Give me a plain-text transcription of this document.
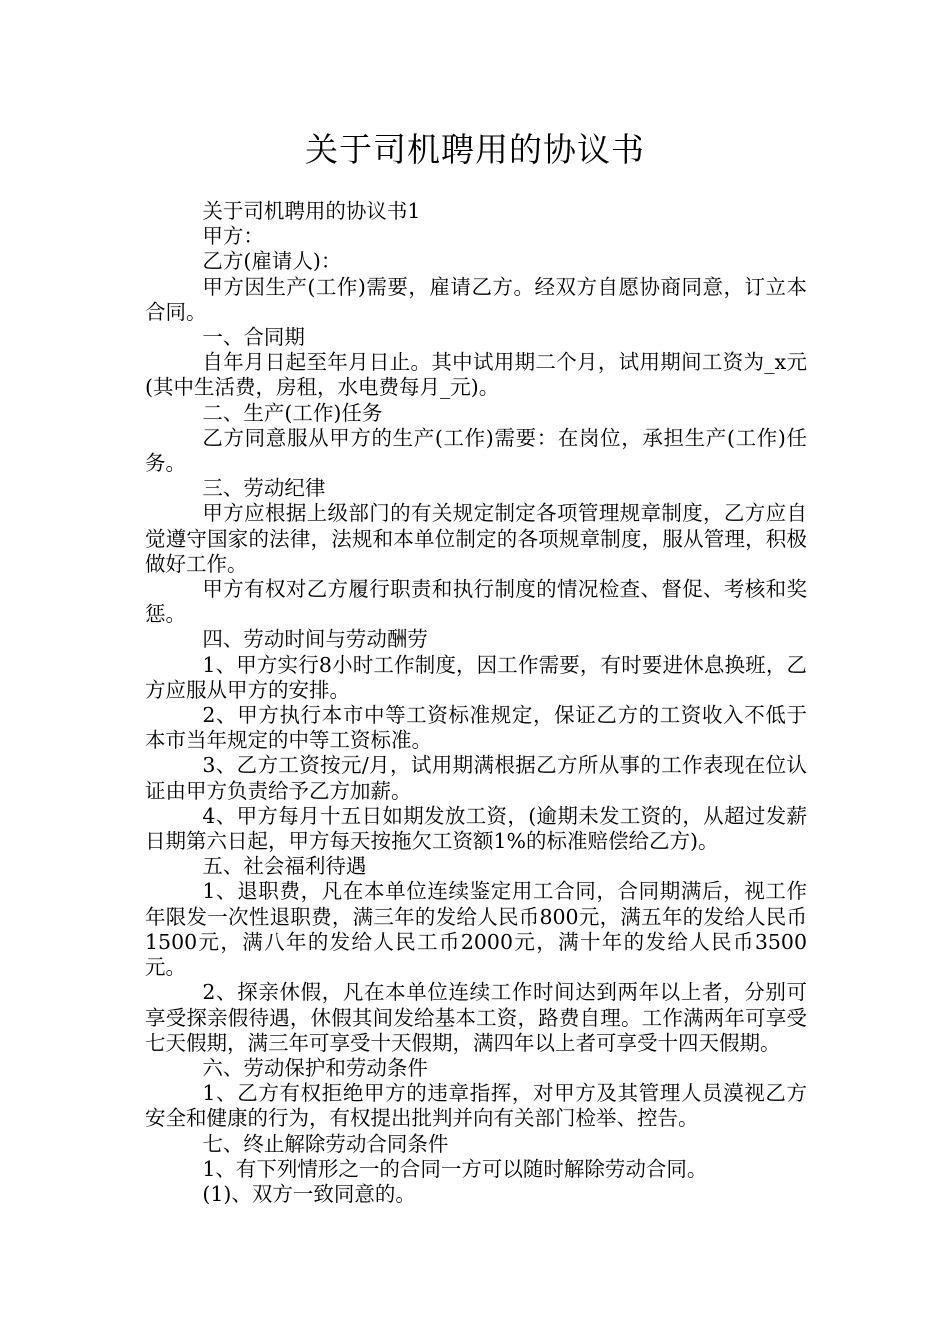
关于司机聘用的协议书

关于司机聘用的协议书1

甲方：

乙方(雇请人)：

甲方因生产(工作)需要，雇请乙方。经双方自愿协商同意，订立本合同。

一、合同期

自年月日起至年月日止。其中试用期二个月，试用期间工资为_x元(其中生活费，房租，水电费每月_元)。

二、生产(工作)任务

乙方同意服从甲方的生产(工作)需要：在岗位，承担生产(工作)任务。

三、劳动纪律

甲方应根据上级部门的有关规定制定各项管理规章制度，乙方应自觉遵守国家的法律，法规和本单位制定的各项规章制度，服从管理，积极做好工作。

甲方有权对乙方履行职责和执行制度的情况检查、督促、考核和奖惩。

四、劳动时间与劳动酬劳

1、甲方实行8小时工作制度，因工作需要，有时要进休息换班，乙方应服从甲方的安排。

2、甲方执行本市中等工资标准规定，保证乙方的工资收入不低于本市当年规定的中等工资标准。

3、乙方工资按元/月，试用期满根据乙方所从事的工作表现在位认证由甲方负责给予乙方加薪。

4、甲方每月十五日如期发放工资，(逾期未发工资的，从超过发薪日期第六日起，甲方每天按拖欠工资额1%的标准赔偿给乙方)。

五、社会福利待遇

1、退职费，凡在本单位连续鉴定用工合同，合同期满后，视工作年限发一次性退职费，满三年的发给人民币800元，满五年的发给人民币1500元，满八年的发给人民工币2000元，满十年的发给人民币3500元。

2、探亲休假，凡在本单位连续工作时间达到两年以上者，分别可享受探亲假待遇，休假其间发给基本工资，路费自理。工作满两年可享受七天假期，满三年可享受十天假期，满四年以上者可享受十四天假期。

六、劳动保护和劳动条件

1、乙方有权拒绝甲方的违章指挥，对甲方及其管理人员漠视乙方安全和健康的行为，有权提出批判并向有关部门检举、控告。

七、终止解除劳动合同条件

1、有下列情形之一的合同一方可以随时解除劳动合同。

(1)、双方一致同意的。
